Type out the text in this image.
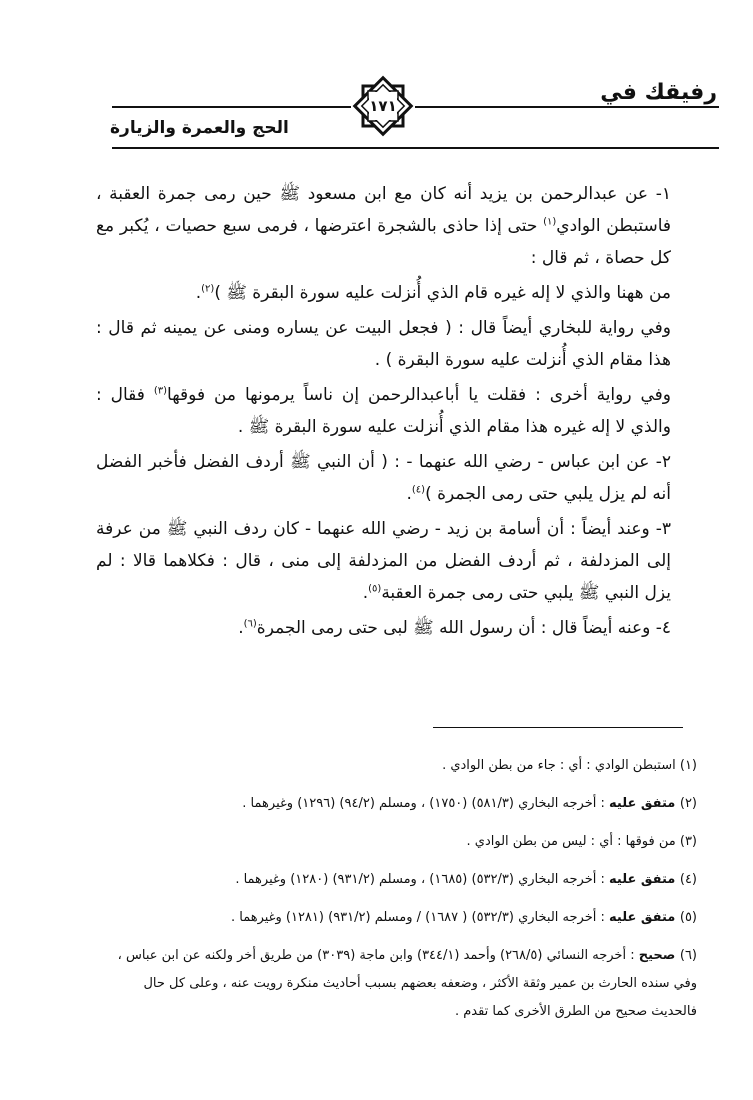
رفيقك في
الحج والعمرة والزيارة
١٧١

١- عن عبدالرحمن بن يزيد أنه كان مع ابن مسعود ﷺ حين رمى جمرة العقبة ، فاستبطن الوادي$^{(١)}$ حتى إذا حاذى بالشجرة اعترضها ، فرمى سبع حصيات ، يُكبر مع كل حصاة ، ثم قال :

من ههنا والذي لا إله غيره قام الذي أُنزلت عليه سورة البقرة ﷺ )$^{(٢)}$.

وفي رواية للبخاري أيضاً قال : ( فجعل البيت عن يساره ومنى عن يمينه ثم قال : هذا مقام الذي أُنزلت عليه سورة البقرة ) .

وفي رواية أخرى : فقلت يا أباعبدالرحمن إن ناساً يرمونها من فوقها$^{(٣)}$ فقال : والذي لا إله غيره هذا مقام الذي أُنزلت عليه سورة البقرة ﷺ .

٢- عن ابن عباس - رضي الله عنهما - : ( أن النبي ﷺ أردف الفضل فأخبر الفضل أنه لم يزل يلبي حتى رمى الجمرة )$^{(٤)}$.

٣- وعند أيضاً : أن أسامة بن زيد - رضي الله عنهما - كان ردف النبي ﷺ من عرفة إلى المزدلفة ، ثم أردف الفضل من المزدلفة إلى منى ، قال : فكلاهما قالا : لم يزل النبي ﷺ يلبي حتى رمى جمرة العقبة$^{(٥)}$.

٤- وعنه أيضاً قال : أن رسول الله ﷺ لبى حتى رمى الجمرة$^{(٦)}$.

(١) استبطن الوادي : أي : جاء من بطن الوادي .
(٢) متفق عليه : أخرجه البخاري (٥٨١/٣) (١٧٥٠) ، ومسلم (٩٤/٢) (١٢٩٦) وغيرهما .
(٣) من فوقها : أي : ليس من بطن الوادي .
(٤) متفق عليه : أخرجه البخاري (٥٣٢/٣) (١٦٨٥) ، ومسلم (٩٣١/٢) (١٢٨٠) وغيرهما .
(٥) متفق عليه : أخرجه البخاري (٥٣٢/٣) ( ١٦٨٧) / ومسلم (٩٣١/٢) (١٢٨١) وغيرهما .
(٦) صحيح : أخرجه النسائي (٢٦٨/٥) وأحمد (٣٤٤/١) وابن ماجة (٣٠٣٩) من طريق أخر ولكنه عن ابن عباس ، وفي سنده الحارث بن عمير وثقة الأكثر ، وضعفه بعضهم بسبب أحاديث منكرة رويت عنه ، وعلى كل حال فالحديث صحيح من الطرق الأخرى كما تقدم .
